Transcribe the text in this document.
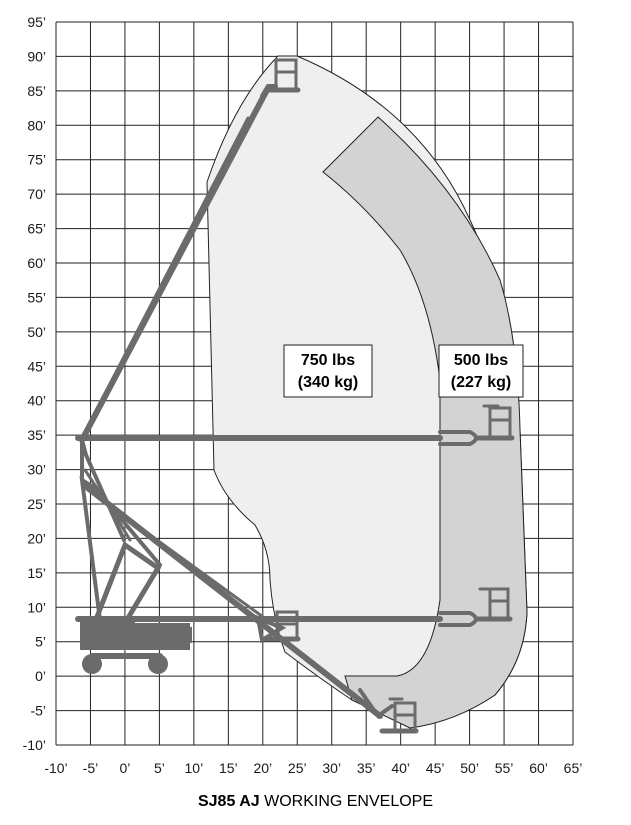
750 lbs
(340 kg)
500 lbs
(227 kg)
95’
90’
85’
80’
75’
70’
65’
60’
55’
50’
45’
40’
35’
30’
25’
20’
15’
10’
5’
0’
-5’
-10’
-10’ -5’ 0’ 5’ 10’ 15’ 20’ 25’ 30’ 35’ 40’ 45’ 50’ 55’ 60’ 65’
SJ85 AJ WORKING ENVELOPE
